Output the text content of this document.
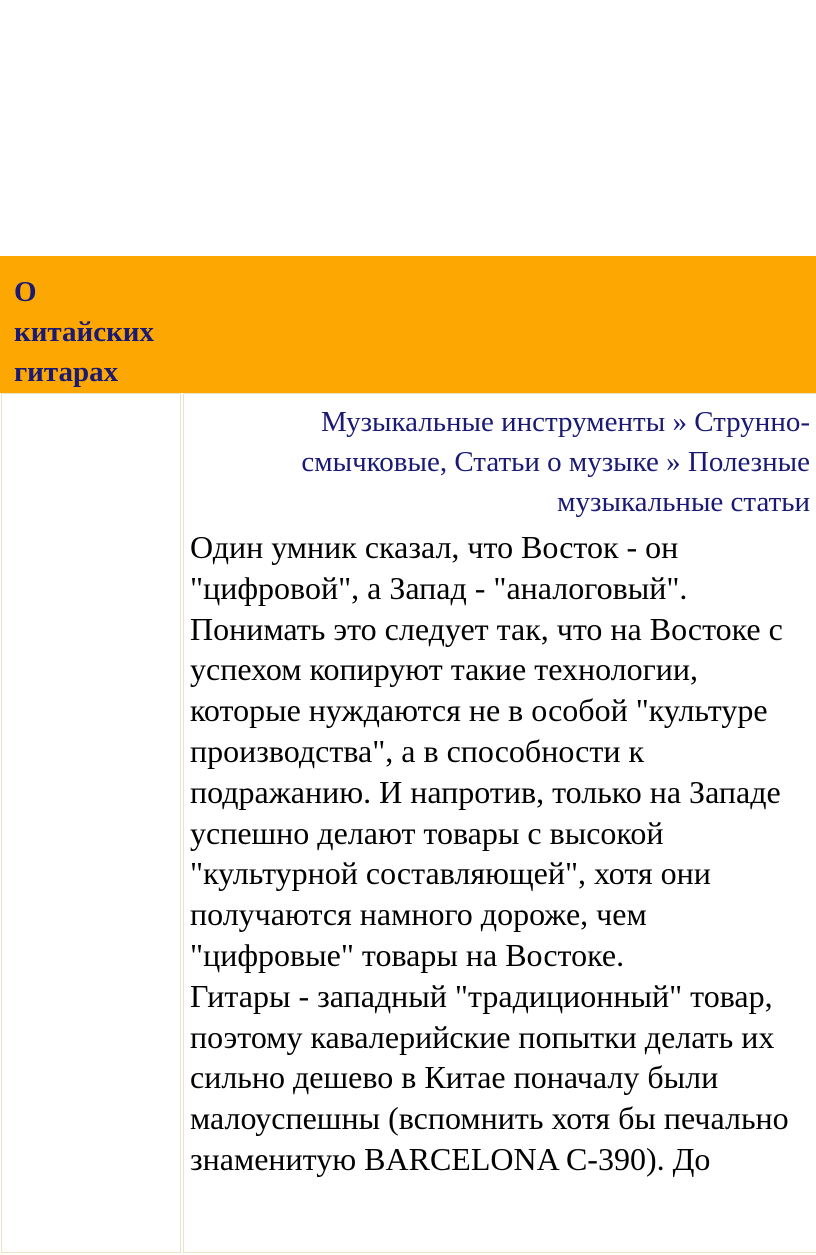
О
китайских
гитарах

Музыкальные инструменты » Струнно-смычковые, Статьи о музыке » Полезные музыкальные статьи

Один умник сказал, что Восток - он "цифровой", а Запад - "аналоговый". Понимать это следует так, что на Востоке с успехом копируют такие технологии, которые нуждаются не в особой "культуре производства", а в способности к подражанию. И напротив, только на Западе успешно делают товары с высокой "культурной составляющей", хотя они получаются намного дороже, чем "цифровые" товары на Востоке.

Гитары - западный "традиционный" товар, поэтому кавалерийские попытки делать их сильно дешево в Китае поначалу были малоуспешны (вспомнить хотя бы печально знаменитую BARCELONA C-390). До
